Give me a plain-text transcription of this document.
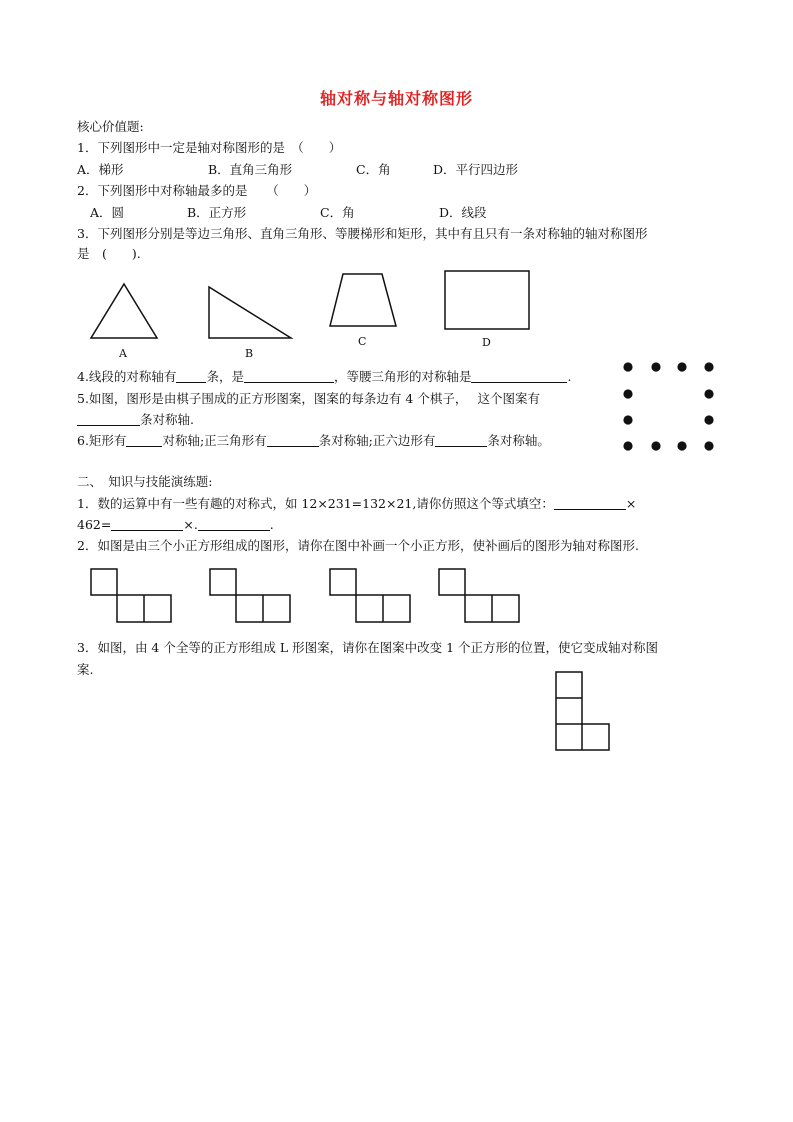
轴对称与轴对称图形
核心价值题:
1．下列图形中一定是轴对称图形的是　（　　）
A．梯形	B．直角三角形	C．角	D．平行四边形
2．下列图形中对称轴最多的是　　（　　）
A．圆	B．正方形	C．角	D．线段
3．下列图形分别是等边三角形、直角三角形、等腰梯形和矩形，其中有且只有一条对称轴的轴对称图形
是　(　　).
A	B
C	D
4.线段的对称轴有 条，是	，等腰三角形的对称轴是	.
5.如图，图形是由棋子围成的正方形图案，图案的每条边有 4 个棋子，　 这个图案有
条对称轴.
6.矩形有	对称轴;正三角形有	条对称轴;正六边形有	条对称轴。
二、　知识与技能演练题:
1．数的运算中有一些有趣的对称式，如 12×231=132×21,请你仿照这个等式填空：	×
462=	×.	.
2．如图是由三个小正方形组成的图形，请你在图中补画一个小正方形，使补画后的图形为轴对称图形.
3．如图，由 4 个全等的正方形组成 L 形图案，请你在图案中改变 1 个正方形的位置，使它变成轴对称图
案.
